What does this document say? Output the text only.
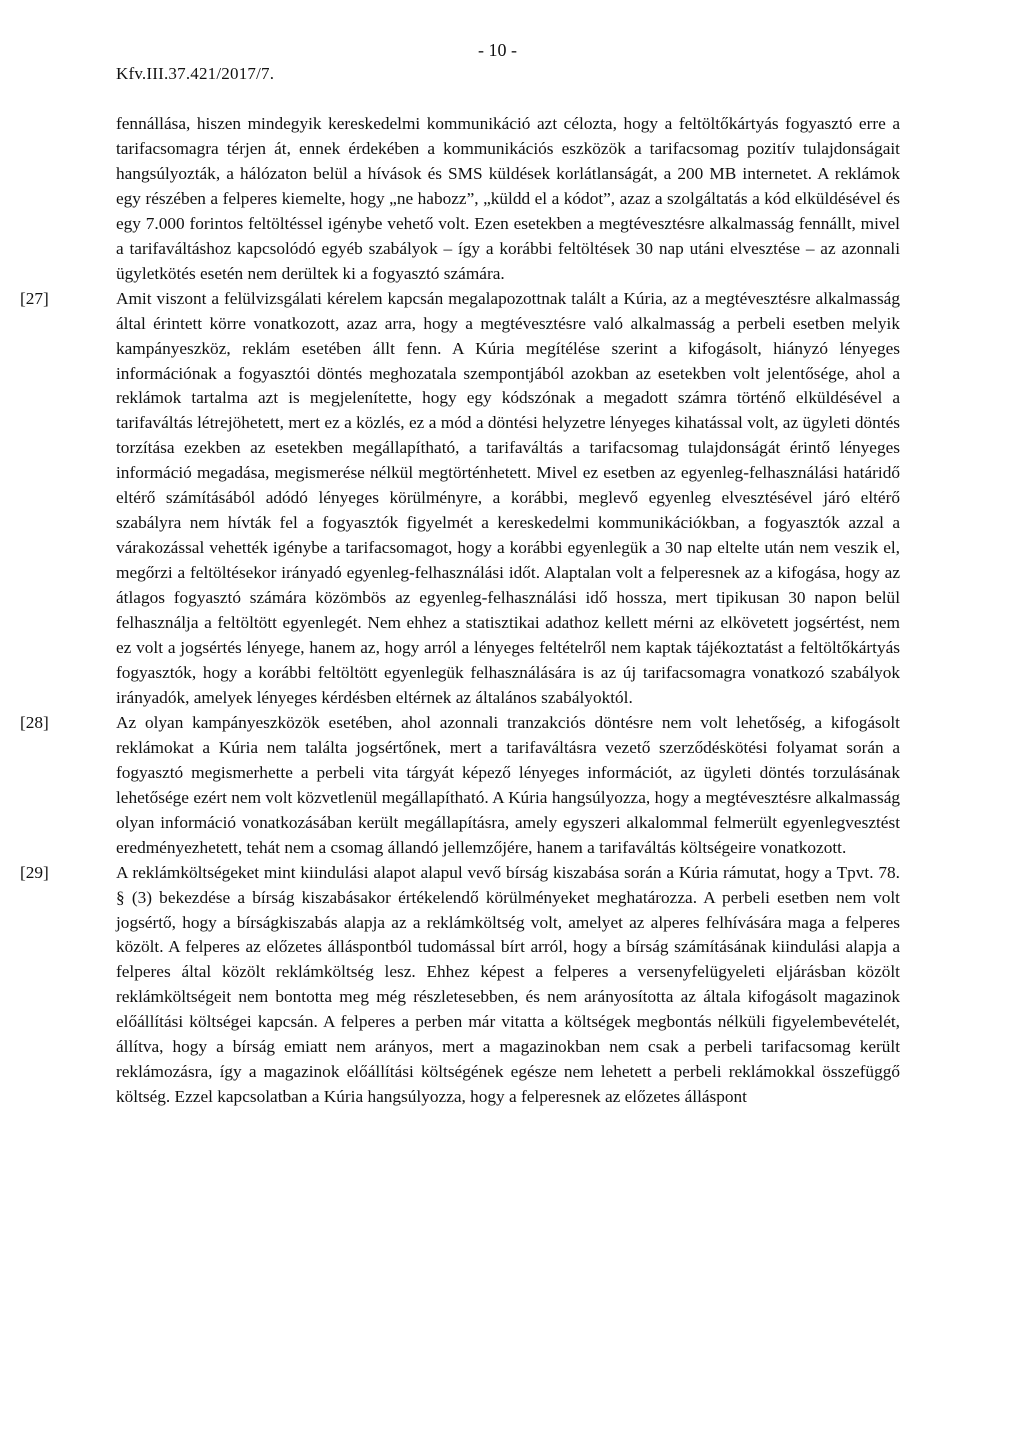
Kfv.III.37.421/2017/7.
- 10 -

fennállása, hiszen mindegyik kereskedelmi kommunikáció azt célozta, hogy a feltöltőkártyás fogyasztó erre a tarifacsomagra térjen át, ennek érdekében a kommunikációs eszközök a tarifacsomag pozitív tulajdonságait hangsúlyozták, a hálózaton belül a hívások és SMS küldések korlátlanságát, a 200 MB internetet. A reklámok egy részében a felperes kiemelte, hogy „ne habozz”, „küldd el a kódot”, azaz a szolgáltatás a kód elküldésével és egy 7.000 forintos feltöltéssel igénybe vehető volt. Ezen esetekben a megtévesztésre alkalmasság fennállt, mivel a tarifaváltáshoz kapcsolódó egyéb szabályok – így a korábbi feltöltések 30 nap utáni elvesztése – az azonnali ügyletkötés esetén nem derültek ki a fogyasztó számára.

[27]	Amit viszont a felülvizsgálati kérelem kapcsán megalapozottnak talált a Kúria, az a megtévesztésre alkalmasság által érintett körre vonatkozott, azaz arra, hogy a megtévesztésre való alkalmasság a perbeli esetben melyik kampányeszköz, reklám esetében állt fenn. A Kúria megítélése szerint a kifogásolt, hiányzó lényeges információnak a fogyasztói döntés meghozatala szempontjából azokban az esetekben volt jelentősége, ahol a reklámok tartalma azt is megjelenítette, hogy egy kódszónak a megadott számra történő elküldésével a tarifaváltás létrejöhetett, mert ez a közlés, ez a mód a döntési helyzetre lényeges kihatással volt, az ügyleti döntés torzítása ezekben az esetekben megállapítható, a tarifaváltás a tarifacsomag tulajdonságát érintő lényeges információ megadása, megismerése nélkül megtörténhetett. Mivel ez esetben az egyenleg-felhasználási határidő eltérő számításából adódó lényeges körülményre, a korábbi, meglevő egyenleg elvesztésével járó eltérő szabályra nem hívták fel a fogyasztók figyelmét a kereskedelmi kommunikációkban, a fogyasztók azzal a várakozással vehették igénybe a tarifacsomagot, hogy a korábbi egyenlegük a 30 nap eltelte után nem veszik el, megőrzi a feltöltésekor irányadó egyenleg-felhasználási időt. Alaptalan volt a felperesnek az a kifogása, hogy az átlagos fogyasztó számára közömbös az egyenleg-felhasználási idő hossza, mert tipikusan 30 napon belül felhasználja a feltöltött egyenlegét. Nem ehhez a statisztikai adathoz kellett mérni az elkövetett jogsértést, nem ez volt a jogsértés lényege, hanem az, hogy arról a lényeges feltételről nem kaptak tájékoztatást a feltöltőkártyás fogyasztók, hogy a korábbi feltöltött egyenlegük felhasználására is az új tarifacsomagra vonatkozó szabályok irányadók, amelyek lényeges kérdésben eltérnek az általános szabályoktól.

[28]	Az olyan kampányeszközök esetében, ahol azonnali tranzakciós döntésre nem volt lehetőség, a kifogásolt reklámokat a Kúria nem találta jogsértőnek, mert a tarifaváltásra vezető szerződéskötési folyamat során a fogyasztó megismerhette a perbeli vita tárgyát képező lényeges információt, az ügyleti döntés torzulásának lehetősége ezért nem volt közvetlenül megállapítható. A Kúria hangsúlyozza, hogy a megtévesztésre alkalmasság olyan információ vonatkozásában került megállapításra, amely egyszeri alkalommal felmerült egyenlegvesztést eredményezhetett, tehát nem a csomag állandó jellemzőjére, hanem a tarifaváltás költségeire vonatkozott.

[29]	A reklámköltségeket mint kiindulási alapot alapul vevő bírság kiszabása során a Kúria rámutat, hogy a Tpvt. 78. § (3) bekezdése a bírság kiszabásakor értékelendő körülményeket meghatározza. A perbeli esetben nem volt jogsértő, hogy a bírságkiszabás alapja az a reklámköltség volt, amelyet az alperes felhívására maga a felperes közölt. A felperes az előzetes álláspontból tudomással bírt arról, hogy a bírság számításának kiindulási alapja a felperes által közölt reklámköltség lesz. Ehhez képest a felperes a versenyfelügyeleti eljárásban közölt reklámköltségeit nem bontotta meg még részletesebben, és nem arányosította az általa kifogásolt magazinok előállítási költségei kapcsán. A felperes a perben már vitatta a költségek megbontás nélküli figyelembevételét, állítva, hogy a bírság emiatt nem arányos, mert a magazinokban nem csak a perbeli tarifacsomag került reklámozásra, így a magazinok előállítási költségének egésze nem lehetett a perbeli reklámokkal összefüggő költség. Ezzel kapcsolatban a Kúria hangsúlyozza, hogy a felperesnek az előzetes álláspont
